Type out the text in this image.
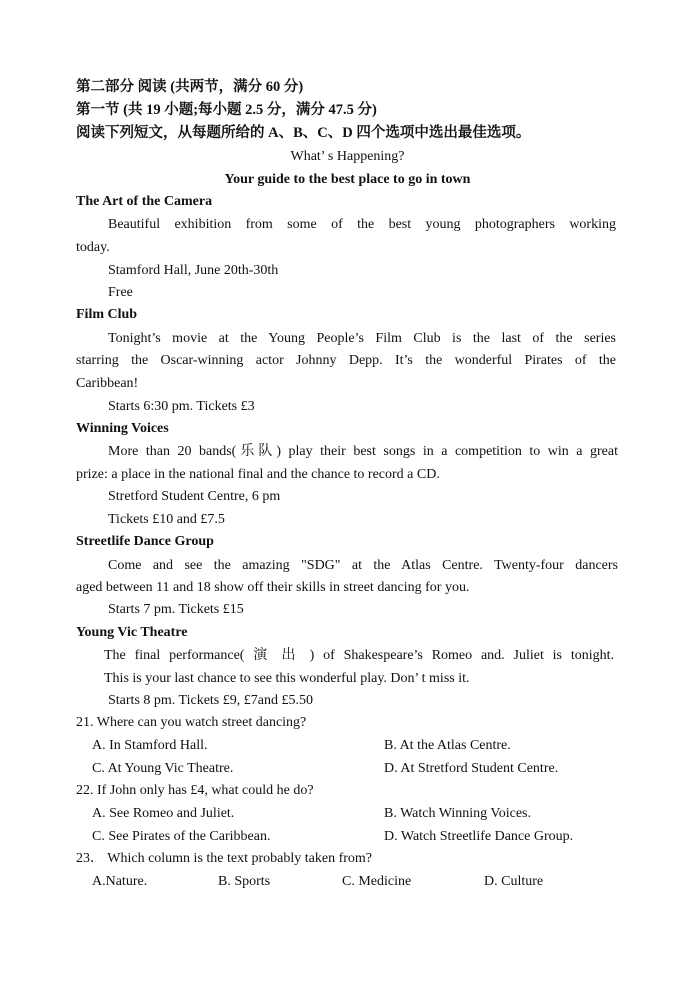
第二部分 阅读 (共两节，满分 60 分)
第一节 (共 19 小题;每小题 2.5 分，满分 47.5 分)
阅读下列短文，从每题所给的 A、B、C、D 四个选项中选出最佳选项。
What’ s Happening?
Your guide to the best place to go in town
The Art of the Camera
Beautiful exhibition from some of the best young photographers working
today.
Stamford Hall, June 20th-30th
Free
Film Club
Tonight’s movie at the Young People’s Film Club is the last of the series
starring the Oscar-winning actor Johnny Depp. It’s the wonderful Pirates of the
Caribbean!
Starts 6:30 pm. Tickets £3
Winning Voices
More than 20 bands(乐队) play their best songs in a competition to win a great
prize: a place in the national final and the chance to record a CD.
Stretford Student Centre, 6 pm
Tickets £10 and £7.5
Streetlife Dance Group
Come and see the amazing "SDG" at the Atlas Centre. Twenty-four dancers
aged between 11 and 18 show off their skills in street dancing for you.
Starts 7 pm. Tickets £15
Young Vic Theatre
The final performance( 演 出 ) of Shakespeare’s Romeo and. Juliet is tonight.
This is your last chance to see this wonderful play. Don’ t miss it.
Starts 8 pm. Tickets £9, £7and £5.50
21. Where can you watch street dancing?
A. In Stamford Hall.	B. At the Atlas Centre.
C. At Young Vic Theatre.	D. At Stretford Student Centre.
22. If John only has £4, what could he do?
A. See Romeo and Juliet.	B. Watch Winning Voices.
C. See Pirates of the Caribbean.	D. Watch Streetlife Dance Group.
23． Which column is the text probably taken from?
A.Nature.	B. Sports	C. Medicine	D. Culture
